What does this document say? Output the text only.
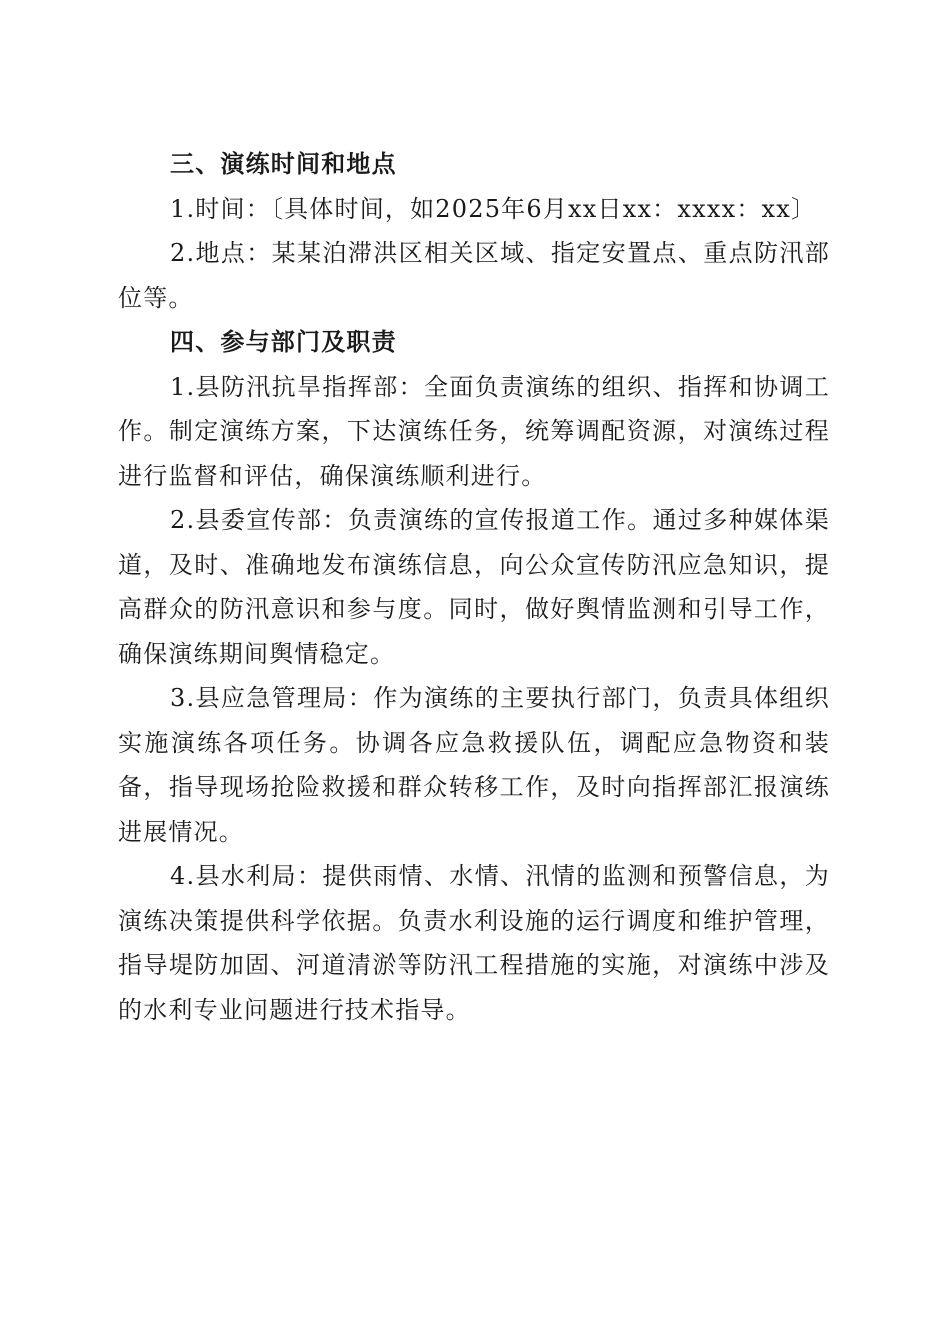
三、演练时间和地点

1.时间：〔具体时间，如2025年6月xx日xx：xxxx：xx〕

2.地点：某某泊滞洪区相关区域、指定安置点、重点防汛部位等。

四、参与部门及职责

1.县防汛抗旱指挥部：全面负责演练的组织、指挥和协调工作。制定演练方案，下达演练任务，统筹调配资源，对演练过程进行监督和评估，确保演练顺利进行。

2.县委宣传部：负责演练的宣传报道工作。通过多种媒体渠道，及时、准确地发布演练信息，向公众宣传防汛应急知识，提高群众的防汛意识和参与度。同时，做好舆情监测和引导工作，确保演练期间舆情稳定。

3.县应急管理局：作为演练的主要执行部门，负责具体组织实施演练各项任务。协调各应急救援队伍，调配应急物资和装备，指导现场抢险救援和群众转移工作，及时向指挥部汇报演练进展情况。

4.县水利局：提供雨情、水情、汛情的监测和预警信息，为演练决策提供科学依据。负责水利设施的运行调度和维护管理，指导堤防加固、河道清淤等防汛工程措施的实施，对演练中涉及的水利专业问题进行技术指导。
